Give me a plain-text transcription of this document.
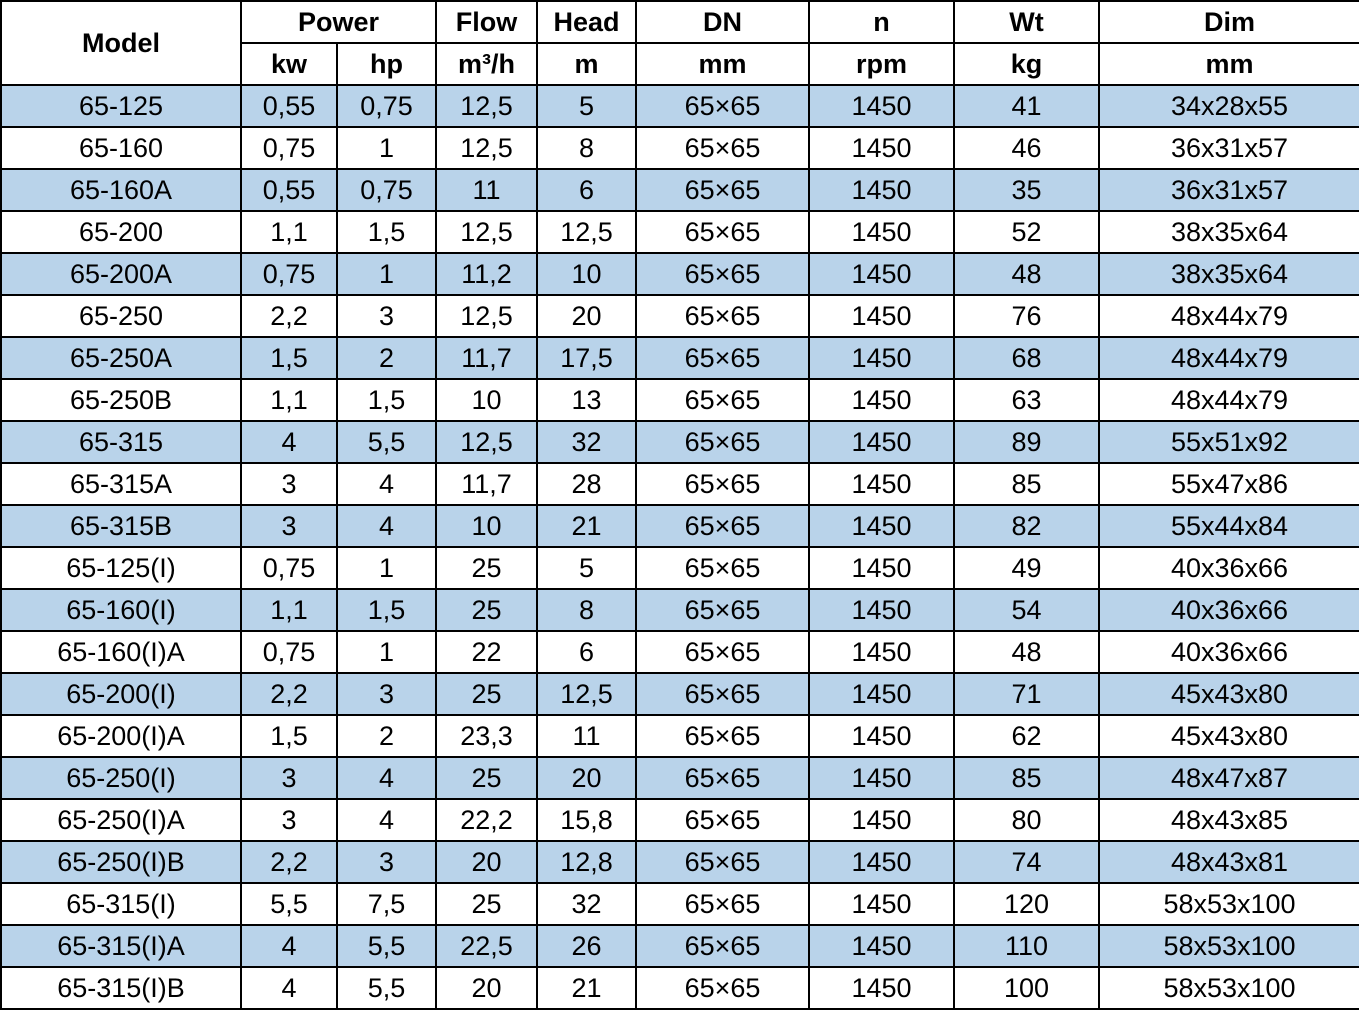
Model	Power		Flow	Head	DN	n	Wt	Dim
	kw	hp	m³/h	m	mm	rpm	kg	mm
65-125	0,55	0,75	12,5	5	65×65	1450	41	34x28x55
65-160	0,75	1	12,5	8	65×65	1450	46	36x31x57
65-160A	0,55	0,75	11	6	65×65	1450	35	36x31x57
65-200	1,1	1,5	12,5	12,5	65×65	1450	52	38x35x64
65-200A	0,75	1	11,2	10	65×65	1450	48	38x35x64
65-250	2,2	3	12,5	20	65×65	1450	76	48x44x79
65-250A	1,5	2	11,7	17,5	65×65	1450	68	48x44x79
65-250B	1,1	1,5	10	13	65×65	1450	63	48x44x79
65-315	4	5,5	12,5	32	65×65	1450	89	55x51x92
65-315A	3	4	11,7	28	65×65	1450	85	55x47x86
65-315B	3	4	10	21	65×65	1450	82	55x44x84
65-125(I)	0,75	1	25	5	65×65	1450	49	40x36x66
65-160(I)	1,1	1,5	25	8	65×65	1450	54	40x36x66
65-160(I)A	0,75	1	22	6	65×65	1450	48	40x36x66
65-200(I)	2,2	3	25	12,5	65×65	1450	71	45x43x80
65-200(I)A	1,5	2	23,3	11	65×65	1450	62	45x43x80
65-250(I)	3	4	25	20	65×65	1450	85	48x47x87
65-250(I)A	3	4	22,2	15,8	65×65	1450	80	48x43x85
65-250(I)B	2,2	3	20	12,8	65×65	1450	74	48x43x81
65-315(I)	5,5	7,5	25	32	65×65	1450	120	58x53x100
65-315(I)A	4	5,5	22,5	26	65×65	1450	110	58x53x100
65-315(I)B	4	5,5	20	21	65×65	1450	100	58x53x100
